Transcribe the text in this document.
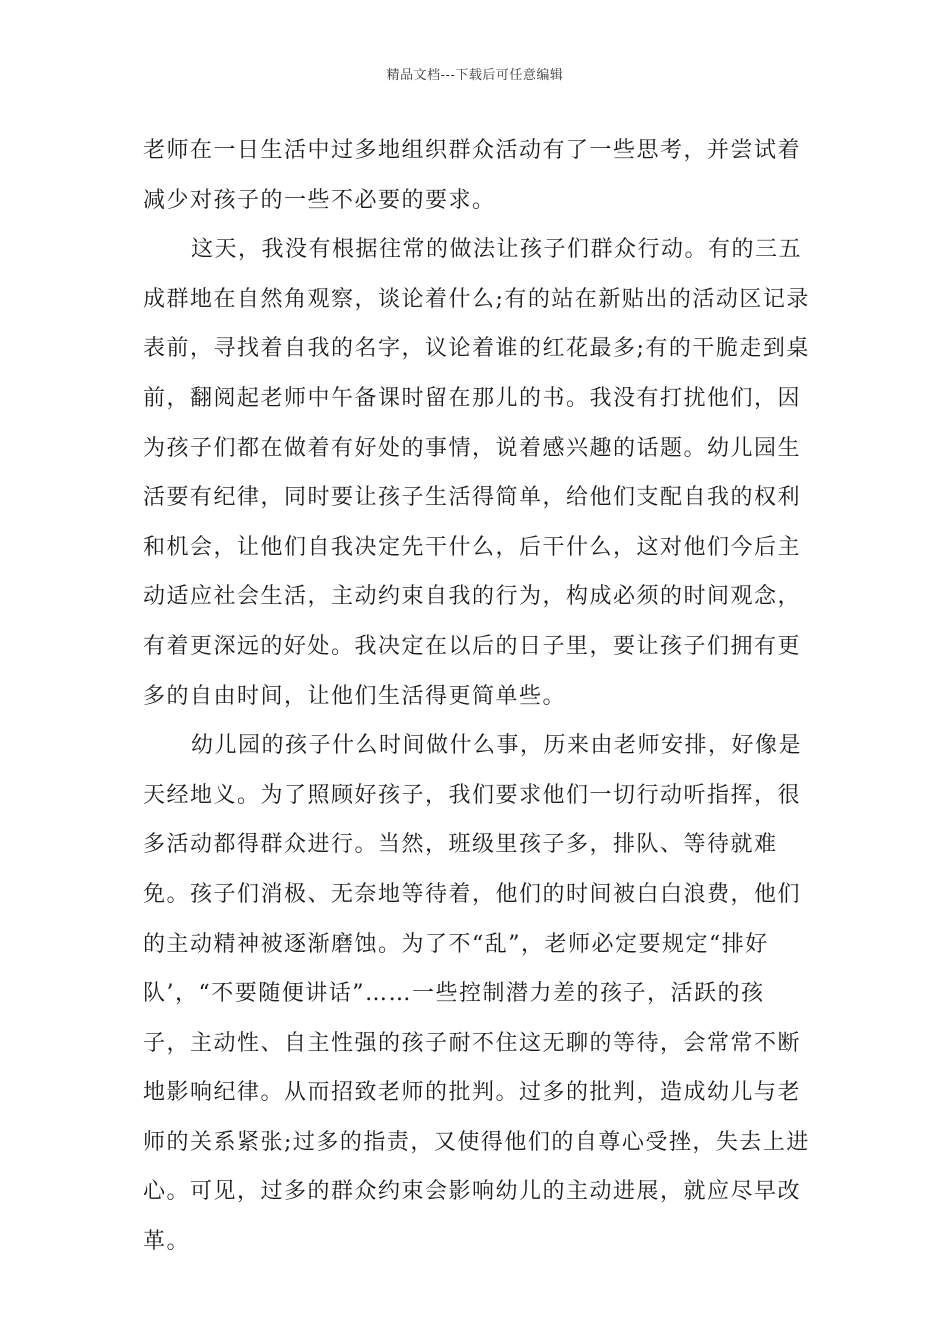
精品文档---下载后可任意编辑

老师在一日生活中过多地组织群众活动有了一些思考，并尝试着减少对孩子的一些不必要的要求。

这天，我没有根据往常的做法让孩子们群众行动。有的三五成群地在自然角观察，谈论着什么;有的站在新贴出的活动区记录表前，寻找着自我的名字，议论着谁的红花最多;有的干脆走到桌前，翻阅起老师中午备课时留在那儿的书。我没有打扰他们，因为孩子们都在做着有好处的事情，说着感兴趣的话题。幼儿园生活要有纪律，同时要让孩子生活得简单，给他们支配自我的权利和机会，让他们自我决定先干什么，后干什么，这对他们今后主动适应社会生活，主动约束自我的行为，构成必须的时间观念，有着更深远的好处。我决定在以后的日子里，要让孩子们拥有更多的自由时间，让他们生活得更简单些。

幼儿园的孩子什么时间做什么事，历来由老师安排，好像是天经地义。为了照顾好孩子，我们要求他们一切行动听指挥，很多活动都得群众进行。当然，班级里孩子多，排队、等待就难免。孩子们消极、无奈地等待着，他们的时间被白白浪费，他们的主动精神被逐渐磨蚀。为了不“乱”，老师必定要规定“排好队’，“不要随便讲话”……一些控制潜力差的孩子，活跃的孩子，主动性、自主性强的孩子耐不住这无聊的等待，会常常不断地影响纪律。从而招致老师的批判。过多的批判，造成幼儿与老师的关系紧张;过多的指责，又使得他们的自尊心受挫，失去上进心。可见，过多的群众约束会影响幼儿的主动进展，就应尽早改革。
